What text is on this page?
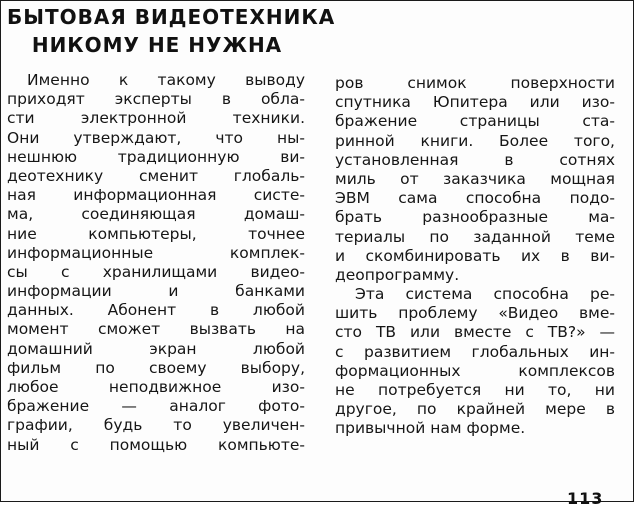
БЫТОВАЯ ВИДЕОТЕХНИКА
НИКОМУ НЕ НУЖНА
Именно к такому выводу
приходят эксперты в обла-
сти электронной техники.
Они утверждают, что ны-
нешнюю традиционную ви-
деотехнику сменит глобаль-
ная информационная систе-
ма, соединяющая домаш-
ние компьютеры, точнее
информационные комплек-
сы с хранилищами видео-
информации и банками
данных. Абонент в любой
момент сможет вызвать на
домашний экран любой
фильм по своему выбору,
любое неподвижное изо-
бражение — аналог фото-
графии, будь то увеличен-
ный с помощью компьюте-
ров снимок поверхности
спутника Юпитера или изо-
бражение страницы ста-
ринной книги. Более того,
установленная в сотнях
миль от заказчика мощная
ЭВМ сама способна подо-
брать разнообразные ма-
териалы по заданной теме
и скомбинировать их в ви-
деопрограмму.
Эта система способна ре-
шить проблему «Видео вме-
сто ТВ или вместе с ТВ?» —
с развитием глобальных ин-
формационных комплексов
не потребуется ни то, ни
другое, по крайней мере в
привычной нам форме.
113
